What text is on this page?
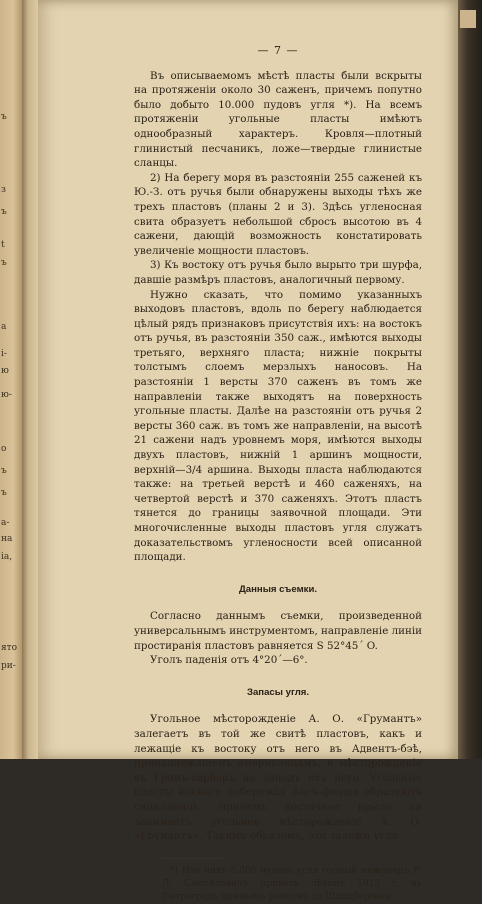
ъ
з
ъ
t
ъ
а
і-
ю
ю-
о
ъ
ъ
а-
на
ia,
ято
ри-
— 7 —

Въ описываемомъ мѣстѣ пласты были вскрыты на протяженіи около 30 саженъ, причемъ попутно было добыто 10.000 пудовъ угля *). На всемъ протяженіи угольные пласты имѣютъ однообразный характеръ. Кровля—плотный глинистый песчаникъ, ложе—твердые глинистые сланцы.

2) На берегу моря въ разстояніи 255 саженей къ Ю.-З. отъ ручья были обнаружены выходы тѣхъ же трехъ пластовъ (планы 2 и 3). Здѣсь угленосная свита образуетъ небольшой сбросъ высотою въ 4 сажени, дающій возможность констатировать увеличеніе мощности пластовъ.

3) Къ востоку отъ ручья было вырыто три шурфа, давшіе размѣръ пластовъ, аналогичный первому.

Нужно сказать, что помимо указанныхъ выходовъ пластовъ, вдоль по берегу наблюдается цѣлый рядъ признаковъ присутствія ихъ: на востокъ отъ ручья, въ разстояніи 350 саж., имѣются выходы третьяго, верхняго пласта; нижніе покрыты толстымъ слоемъ мерзлыхъ наносовъ. На разстояніи 1 версты 370 саженъ въ томъ же направленіи также выходятъ на поверхность угольные пласты. Далѣе на разстояніи отъ ручья 2 версты 360 саж. въ томъ же направленіи, на высотѣ 21 сажени надъ уровнемъ моря, имѣются выходы двухъ пластовъ, нижній 1 аршинъ мощности, верхній—3/4 аршина. Выходы пласта наблюдаются также: на третьей верстѣ и 460 саженяхъ, на четвертой верстѣ и 370 саженяхъ. Этотъ пластъ тянется до границы заявочной площади. Эти многочисленные выходы пластовъ угля служатъ доказательствомъ угленосности всей описанной площади.

Данныя съемки.

Согласно даннымъ съемки, произведенной универсальнымъ инструментомъ, направленіе линіи простиранія пластовъ равняется S 52°45´ O.

Уголъ паденія отъ 4°20´—6°.

Запасы угля.

Угольное мѣсторожденіе А. О. «Грумантъ» залегаетъ въ той же свитѣ пластовъ, какъ и лежащіе къ востоку отъ него въ Адвентъ-бэѣ, принадлежащемъ американцамъ, и мѣсторожденіе въ Гринъ-харборъ на западъ отъ него. Угольные пласты южнаго побережья Айсъ-фіорда образуютъ синклиналь, причемъ восточное крыло ея занимаетъ угольное мѣсторожденіе А. О. «Грумантъ». Такимъ образомъ, эти залежи угля

*) Изъ нихъ 5.000 пудовъ угля горный инженеръ Р. Л. Самойловичъ привезъ лѣтомъ 1913 г. въ Петроградъ прямымъ рейсомъ со Шпицбергена.
